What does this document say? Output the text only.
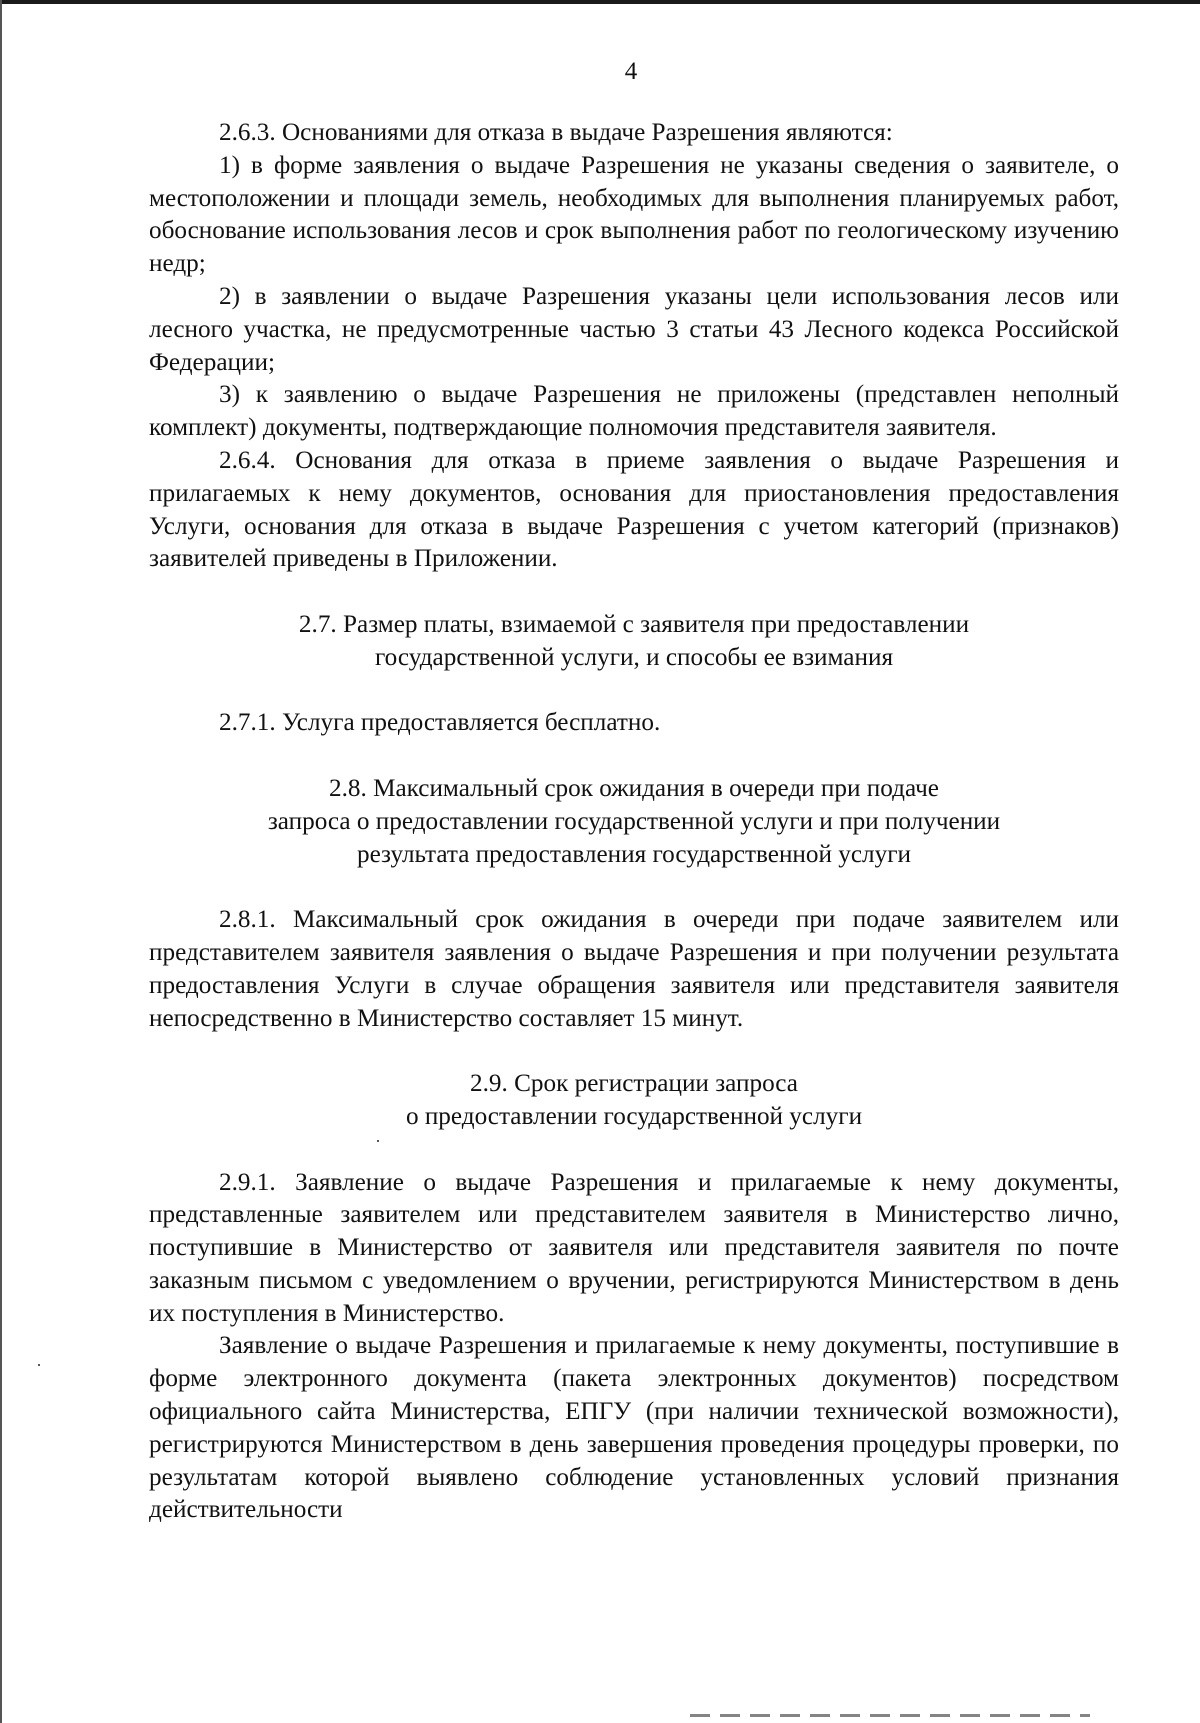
4

2.6.3. Основаниями для отказа в выдаче Разрешения являются:

1) в форме заявления о выдаче Разрешения не указаны сведения о заявителе, о местоположении и площади земель, необходимых для выполнения планируемых работ, обоснование использования лесов и срок выполнения работ по геологическому изучению недр;

2) в заявлении о выдаче Разрешения указаны цели использования лесов или лесного участка, не предусмотренные частью 3 статьи 43 Лесного кодекса Российской Федерации;

3) к заявлению о выдаче Разрешения не приложены (представлен неполный комплект) документы, подтверждающие полномочия представителя заявителя.

2.6.4. Основания для отказа в приеме заявления о выдаче Разрешения и прилагаемых к нему документов, основания для приостановления предоставления Услуги, основания для отказа в выдаче Разрешения с учетом категорий (признаков) заявителей приведены в Приложении.

2.7. Размер платы, взимаемой с заявителя при предоставлении
государственной услуги, и способы ее взимания

2.7.1. Услуга предоставляется бесплатно.

2.8. Максимальный срок ожидания в очереди при подаче
запроса о предоставлении государственной услуги и при получении
результата предоставления государственной услуги

2.8.1. Максимальный срок ожидания в очереди при подаче заявителем или представителем заявителя заявления о выдаче Разрешения и при получении результата предоставления Услуги в случае обращения заявителя или представителя заявителя непосредственно в Министерство составляет 15 минут.

2.9. Срок регистрации запроса
о предоставлении государственной услуги

2.9.1. Заявление о выдаче Разрешения и прилагаемые к нему документы, представленные заявителем или представителем заявителя в Министерство лично, поступившие в Министерство от заявителя или представителя заявителя по почте заказным письмом с уведомлением о вручении, регистрируются Министерством в день их поступления в Министерство.

Заявление о выдаче Разрешения и прилагаемые к нему документы, поступившие в форме электронного документа (пакета электронных документов) посредством официального сайта Министерства, ЕПГУ (при наличии технической возможности), регистрируются Министерством в день завершения проведения процедуры проверки, по результатам которой выявлено соблюдение установленных условий признания действительности
